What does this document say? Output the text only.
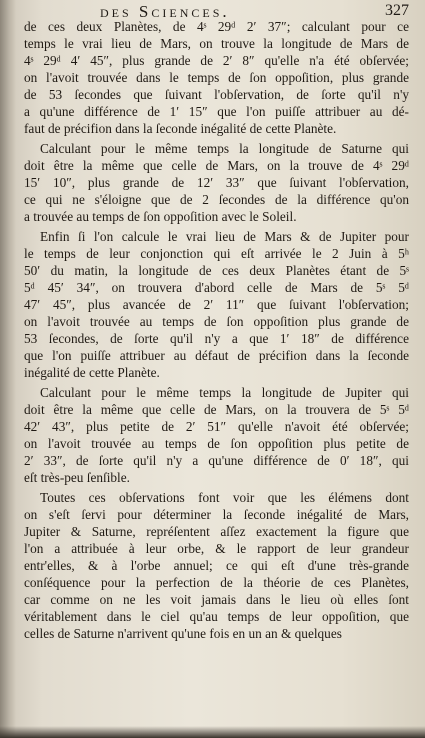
des Sciences.	327
de ces deux Planètes, de 4ˢ 29ᵈ 2′ 37″; calculant pour ce
temps le vrai lieu de Mars, on trouve la longitude de Mars de
4ˢ 29ᵈ 4′ 45″, plus grande de 2′ 8″ qu'elle n'a été obſervée;
on l'avoit trouvée dans le temps de ſon oppoſition, plus grande
de 53 ſecondes que ſuivant l'obſervation, de ſorte qu'il n'y
a qu'une différence de 1′ 15″ que l'on puiſſe attribuer au dé-
faut de précifion dans la ſeconde inégalité de cette Planète.
Calculant pour le même temps la longitude de Saturne qui
doit être la même que celle de Mars, on la trouve de 4ˢ 29ᵈ
15′ 10″, plus grande de 12′ 33″ que ſuivant l'obſervation,
ce qui ne s'éloigne que de 2 ſecondes de la différence qu'on
a trouvée au temps de ſon oppoſition avec le Soleil.
Enfin ſi l'on calcule le vrai lieu de Mars & de Jupiter pour
le temps de leur conjonction qui eſt arrivée le 2 Juin à 5ʰ
50′ du matin, la longitude de ces deux Planètes étant de 5ˢ
5ᵈ 45′ 34″, on trouvera d'abord celle de Mars de 5ˢ 5ᵈ
47′ 45″, plus avancée de 2′ 11″ que ſuivant l'obſervation;
on l'avoit trouvée au temps de ſon oppoſition plus grande de
53 ſecondes, de ſorte qu'il n'y a que 1′ 18″ de différence
que l'on puiſſe attribuer au défaut de précifion dans la ſeconde
inégalité de cette Planète.
Calculant pour le même temps la longitude de Jupiter qui
doit être la même que celle de Mars, on la trouvera de 5ˢ 5ᵈ
42′ 43″, plus petite de 2′ 51″ qu'elle n'avoit été obſervée;
on l'avoit trouvée au temps de ſon oppoſition plus petite de
2′ 33″, de ſorte qu'il n'y a qu'une différence de 0′ 18″, qui
eſt très-peu ſenſible.
Toutes ces obſervations font voir que les élémens dont
on s'eſt ſervi pour déterminer la ſeconde inégalité de Mars,
Jupiter & Saturne, repréſentent aſſez exactement la figure que
l'on a attribuée à leur orbe, & le rapport de leur grandeur
entr'elles, & à l'orbe annuel; ce qui eſt d'une très-grande
conſéquence pour la perfection de la théorie de ces Planètes,
car comme on ne les voit jamais dans le lieu où elles ſont
véritablement dans le ciel qu'au temps de leur oppoſition, que
celles de Saturne n'arrivent qu'une fois en un an & quelques
